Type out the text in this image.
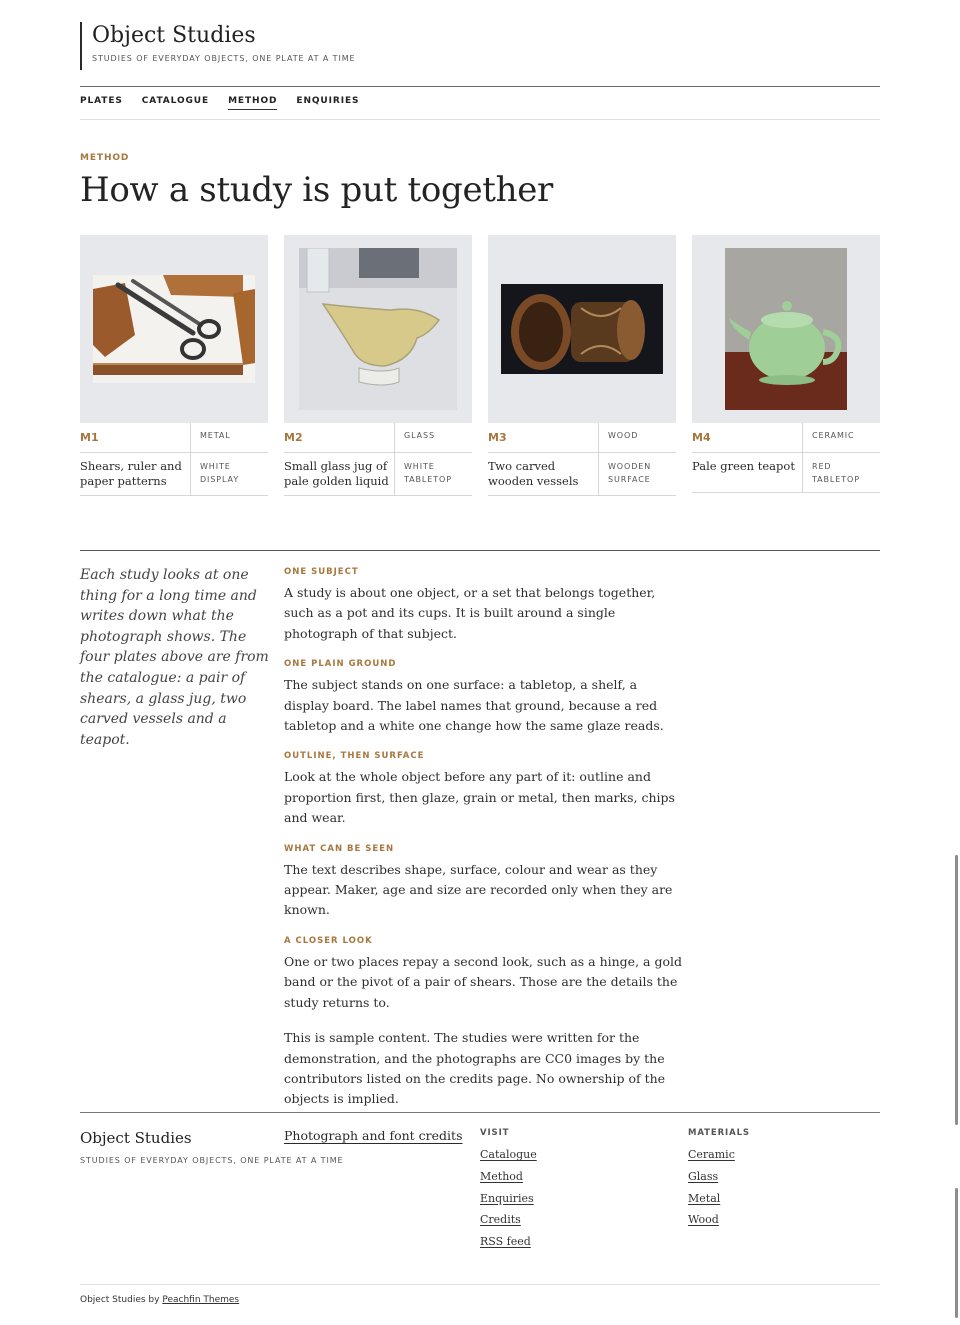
Object Studies
STUDIES OF EVERYDAY OBJECTS, ONE PLATE AT A TIME
PLATES CATALOGUE METHOD ENQUIRIES
METHOD
How a study is put together
M1	METAL
Shears, ruler and paper patterns
WHITE DISPLAY
M2	GLASS
Small glass jug of pale golden liquid
WHITE TABLETOP
M3	WOOD
Two carved wooden vessels
WOODEN SURFACE
M4	CERAMIC
Pale green teapot	RED TABLETOP

Each study looks at one thing for a long time and writes down what the photograph shows. The four plates above are from the catalogue: a pair of shears, a glass jug, two carved vessels and a teapot.

ONE SUBJECT

A study is about one object, or a set that belongs together, such as a pot and its cups. It is built around a single photograph of that subject.

ONE PLAIN GROUND

The subject stands on one surface: a tabletop, a shelf, a display board. The label names that ground, because a red tabletop and a white one change how the same glaze reads.

OUTLINE, THEN SURFACE

Look at the whole object before any part of it: outline and proportion first, then glaze, grain or metal, then marks, chips and wear.

WHAT CAN BE SEEN

The text describes shape, surface, colour and wear as they appear. Maker, age and size are recorded only when they are known.

A CLOSER LOOK

One or two places repay a second look, such as a hinge, a gold band or the pivot of a pair of shears. Those are the details the study returns to.

This is sample content. The studies were written for the demonstration, and the photographs are CC0 images by the contributors listed on the credits page. No ownership of the objects is implied.

Photograph and font credits
Object Studies
STUDIES OF EVERYDAY OBJECTS, ONE PLATE AT A TIME
VISIT
Catalogue
Method
Enquiries
Credits
RSS feed
MATERIALS
Ceramic
Glass
Metal
Wood
Object Studies by Peachfin Themes
